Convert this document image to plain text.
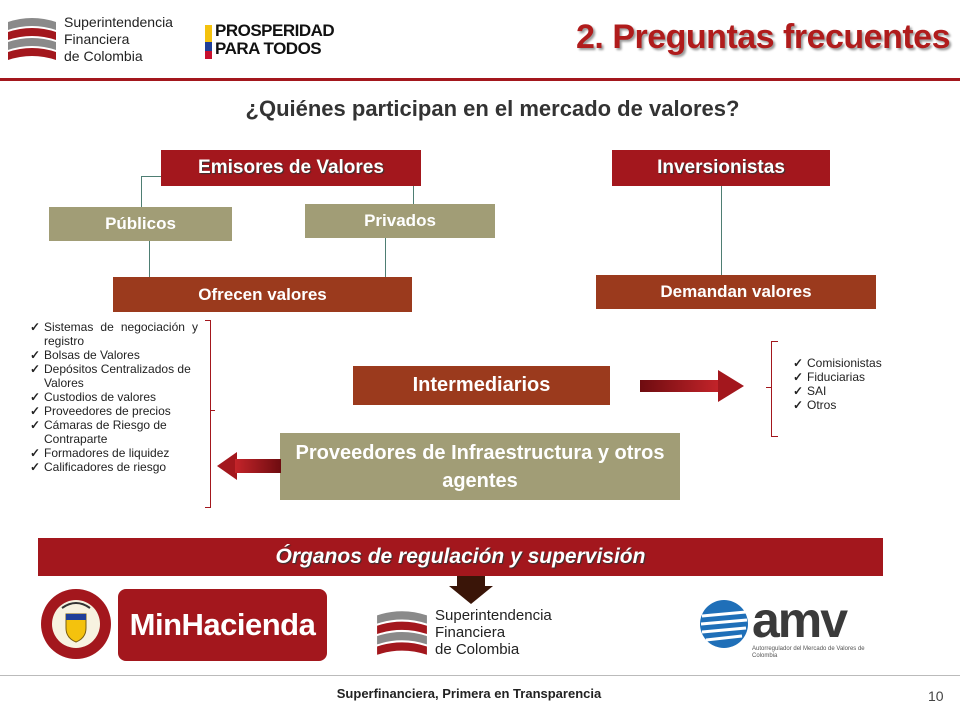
Superintendencia
Financiera
de Colombia
PROSPERIDAD
PARA TODOS	2. Preguntas frecuentes
¿Quiénes participan en el mercado de valores?
Emisores de Valores	Inversionistas
Públicos	Privados
Ofrecen valores	Demandan valores
✓ Sistemas de negociación y registro
✓ Bolsas de Valores
✓ Depósitos Centralizados de Valores
✓ Custodios de valores
✓ Proveedores de precios
✓ Cámaras de Riesgo de Contraparte
✓ Formadores de liquidez
✓ Calificadores de riesgo
Intermediarios
✓ Comisionistas
✓ Fiduciarias
✓ SAI
✓ Otros
Proveedores de Infraestructura y otros agentes
Órganos de regulación y supervisión
MinHacienda	Superintendencia
Financiera
de Colombia
amv
Autorregulador del Mercado de Valores de Colombia
Superfinanciera, Primera en Transparencia	10
